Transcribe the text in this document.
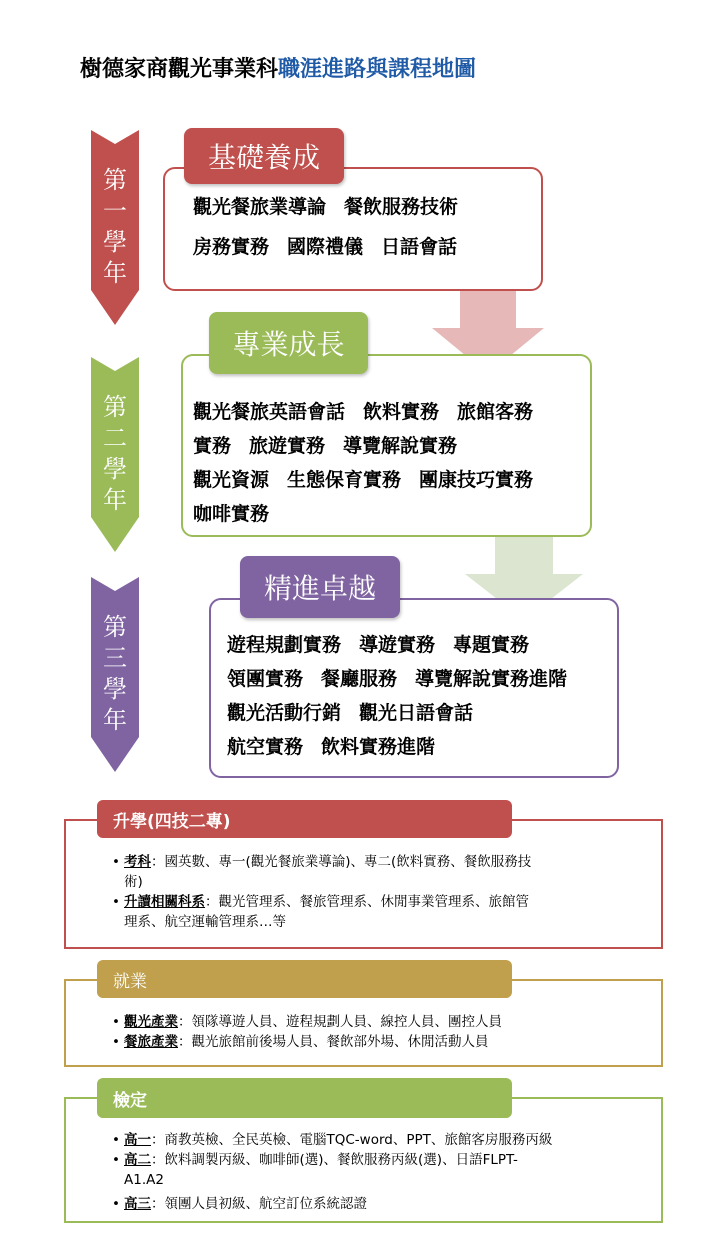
樹德家商觀光事業科職涯進路與課程地圖
第
一
學
年
基礎養成
觀光餐旅業導論 餐飲服務技術
房務實務 國際禮儀 日語會話
第
二
學
年
專業成長
觀光餐旅英語會話 飲料實務 旅館客務
實務 旅遊實務 導覽解說實務
觀光資源 生態保育實務 團康技巧實務
咖啡實務
第
三
學
年
精進卓越
遊程規劃實務 導遊實務 專題實務
領團實務 餐廳服務 導覽解說實務進階
觀光活動行銷 觀光日語會話
航空實務 飲料實務進階
升學(四技二專)
• 考科：國英數、專一(觀光餐旅業導論)、專二(飲料實務、餐飲服務技
術)
• 升讀相關科系：觀光管理系、餐旅管理系、休閒事業管理系、旅館管
理系、航空運輸管理系…等
就業
• 觀光產業：領隊導遊人員、遊程規劃人員、線控人員、團控人員
• 餐旅產業：觀光旅館前後場人員、餐飲部外場、休閒活動人員
檢定
• 高一：商教英檢、全民英檢、電腦TQC-word、PPT、旅館客房服務丙級
• 高二：飲料調製丙級、咖啡師(選)、餐飲服務丙級(選)、日語FLPT-
A1.A2
• 高三：領團人員初級、航空訂位系統認證
